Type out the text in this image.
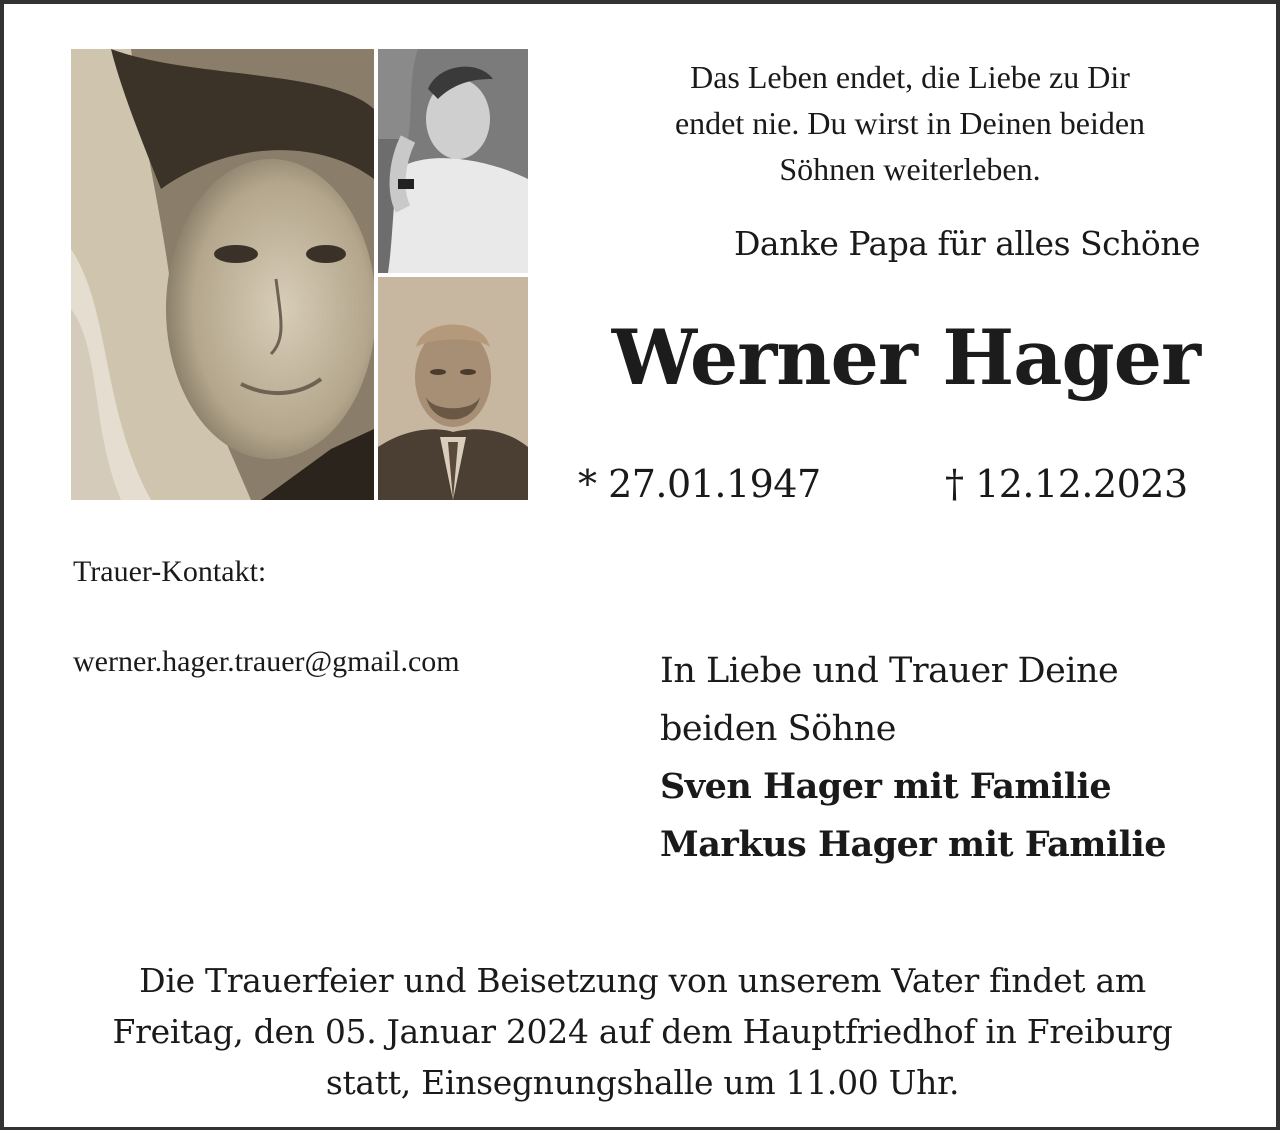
Das Leben endet, die Liebe zu Dir
endet nie. Du wirst in Deinen beiden
Söhnen weiterleben.
Danke Papa für alles Schöne
Werner Hager
* 27.01.1947	† 12.12.2023
Trauer-Kontakt:
werner.hager.trauer@gmail.com	In Liebe und Trauer Deine
beiden Söhne
Sven Hager mit Familie
Markus Hager mit Familie
Die Trauerfeier und Beisetzung von unserem Vater findet am
Freitag, den 05. Januar 2024 auf dem Hauptfriedhof in Freiburg
statt, Einsegnungshalle um 11.00 Uhr.
